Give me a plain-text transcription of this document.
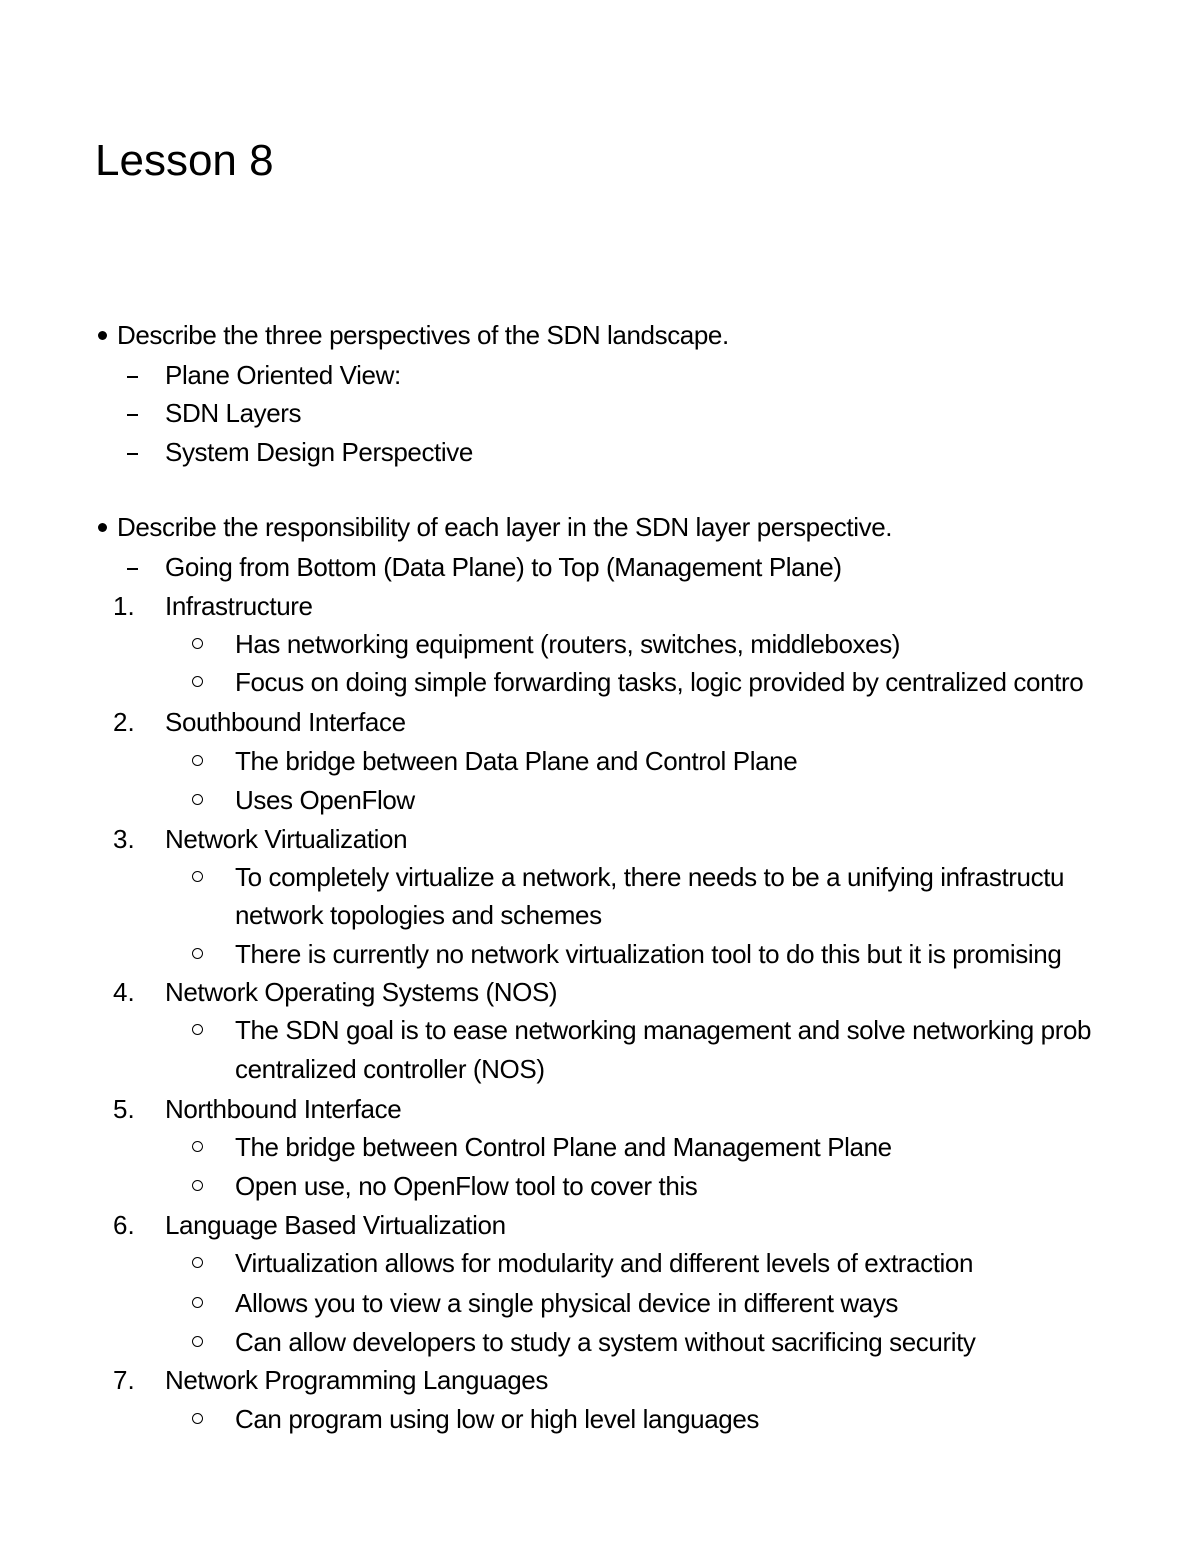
Lesson 8
Describe the three perspectives of the SDN landscape.
Plane Oriented View:
SDN Layers
System Design Perspective
Describe the responsibility of each layer in the SDN layer perspective.
Going from Bottom (Data Plane) to Top (Management Plane)
1. Infrastructure
Has networking equipment (routers, switches, middleboxes)
Focus on doing simple forwarding tasks, logic provided by centralized contro
2. Southbound Interface
The bridge between Data Plane and Control Plane
Uses OpenFlow
3. Network Virtualization
To completely virtualize a network, there needs to be a unifying infrastructu
network topologies and schemes
There is currently no network virtualization tool to do this but it is promising
4. Network Operating Systems (NOS)
The SDN goal is to ease networking management and solve networking prob
centralized controller (NOS)
5. Northbound Interface
The bridge between Control Plane and Management Plane
Open use, no OpenFlow tool to cover this
6. Language Based Virtualization
Virtualization allows for modularity and different levels of extraction
Allows you to view a single physical device in different ways
Can allow developers to study a system without sacrificing security
7. Network Programming Languages
Can program using low or high level languages
